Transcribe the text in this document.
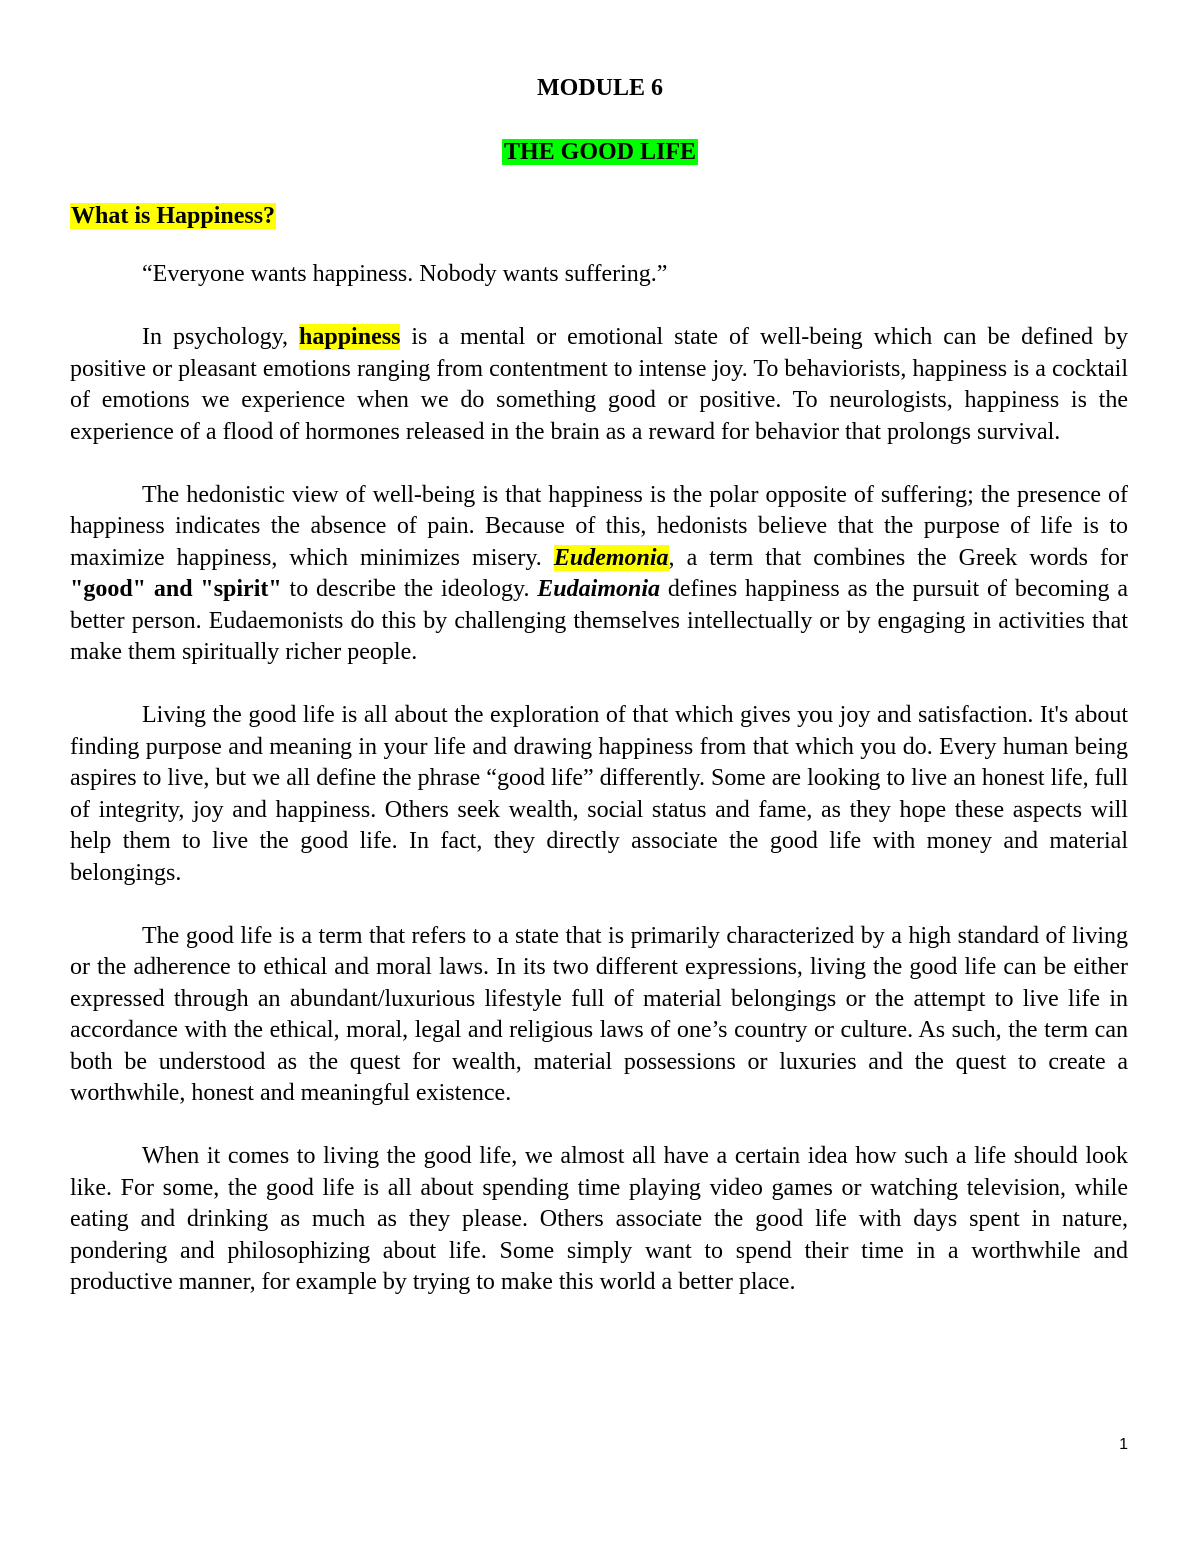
MODULE 6
THE GOOD LIFE
What is Happiness?

“Everyone wants happiness. Nobody wants suffering.”

In psychology, happiness is a mental or emotional state of well-being which can be defined by positive or pleasant emotions ranging from contentment to intense joy. To behaviorists, happiness is a cocktail of emotions we experience when we do something good or positive. To neurologists, happiness is the experience of a flood of hormones released in the brain as a reward for behavior that prolongs survival.

The hedonistic view of well-being is that happiness is the polar opposite of suffering; the presence of happiness indicates the absence of pain. Because of this, hedonists believe that the purpose of life is to maximize happiness, which minimizes misery. Eudemonia, a term that combines the Greek words for "good" and "spirit" to describe the ideology. Eudaimonia defines happiness as the pursuit of becoming a better person. Eudaemonists do this by challenging themselves intellectually or by engaging in activities that make them spiritually richer people.

Living the good life is all about the exploration of that which gives you joy and satisfaction. It's about finding purpose and meaning in your life and drawing happiness from that which you do. Every human being aspires to live, but we all define the phrase “good life” differently. Some are looking to live an honest life, full of integrity, joy and happiness. Others seek wealth, social status and fame, as they hope these aspects will help them to live the good life. In fact, they directly associate the good life with money and material belongings.

The good life is a term that refers to a state that is primarily characterized by a high standard of living or the adherence to ethical and moral laws. In its two different expressions, living the good life can be either expressed through an abundant/luxurious lifestyle full of material belongings or the attempt to live life in accordance with the ethical, moral, legal and religious laws of one’s country or culture. As such, the term can both be understood as the quest for wealth, material possessions or luxuries and the quest to create a worthwhile, honest and meaningful existence.

When it comes to living the good life, we almost all have a certain idea how such a life should look like. For some, the good life is all about spending time playing video games or watching television, while eating and drinking as much as they please. Others associate the good life with days spent in nature, pondering and philosophizing about life. Some simply want to spend their time in a worthwhile and productive manner, for example by trying to make this world a better place.

1
